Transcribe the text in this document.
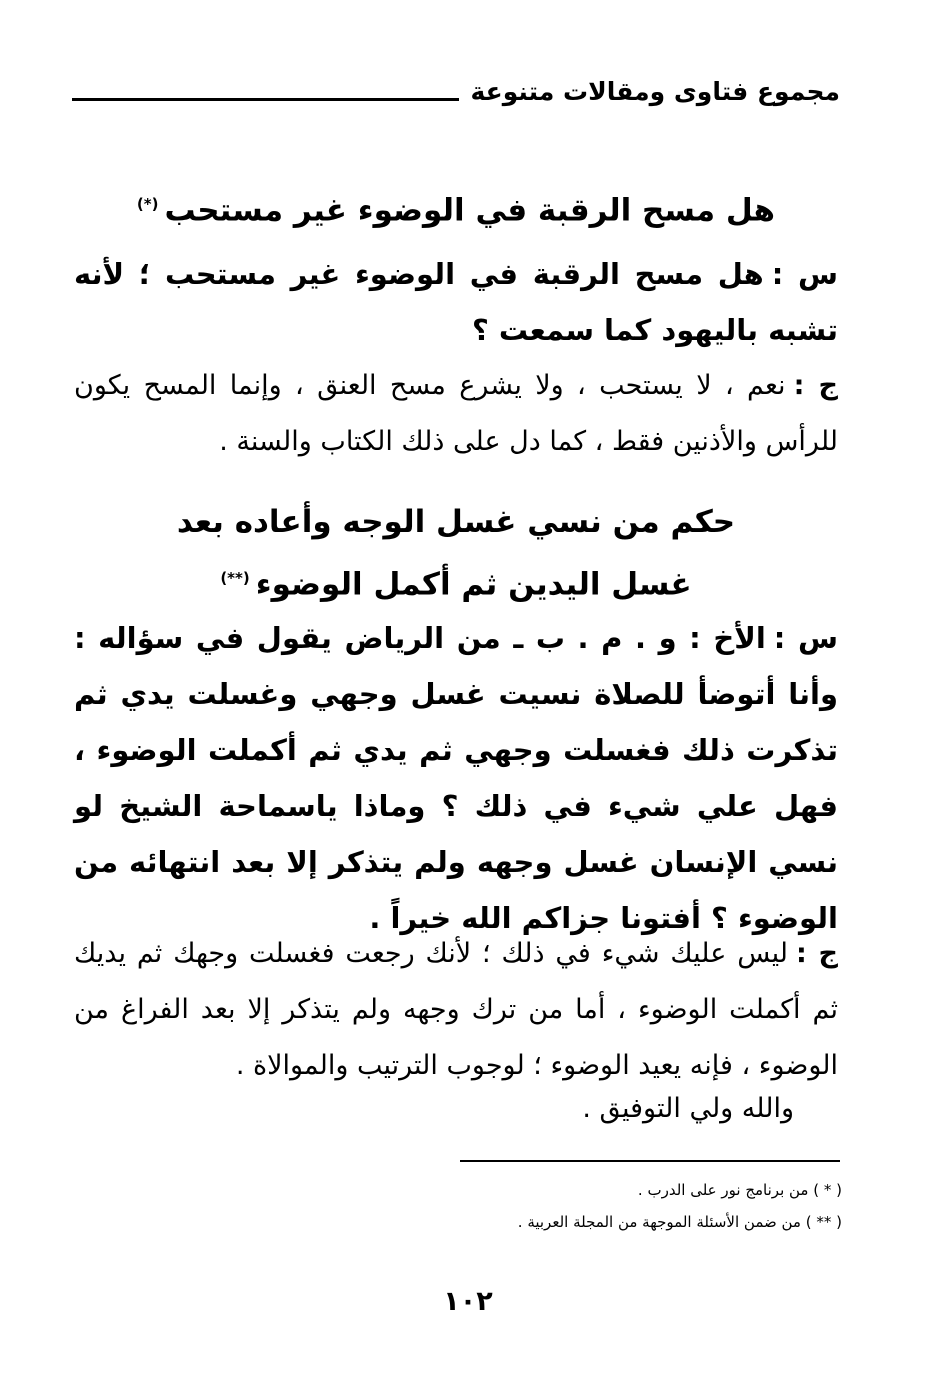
مجموع فتاوى ومقالات متنوعة
هل مسح الرقبة في الوضوء غير مستحب(*)
س :هل مسح الرقبة في الوضوء غير مستحب ؛ لأنه تشبه باليهود كما سمعت ؟
ج :نعم ، لا يستحب ، ولا يشرع مسح العنق ، وإنما المسح يكون للرأس والأذنين فقط ، كما دل على ذلك الكتاب والسنة .
حكم من نسي غسل الوجه وأعاده بعد
غسل اليدين ثم أكمل الوضوء(**)
س :الأخ : و . م . ب ـ من الرياض يقول في سؤاله : وأنا أتوضأ للصلاة نسيت غسل وجهي وغسلت يدي ثم تذكرت ذلك فغسلت وجهي ثم يدي ثم أكملت الوضوء ، فهل علي شيء في ذلك ؟ وماذا ياسماحة الشيخ لو نسي الإنسان غسل وجهه ولم يتذكر إلا بعد انتهائه من الوضوء ؟ أفتونا جزاكم الله خيراً .
ج :ليس عليك شيء في ذلك ؛ لأنك رجعت فغسلت وجهك ثم يديك ثم أكملت الوضوء ، أما من ترك وجهه ولم يتذكر إلا بعد الفراغ من الوضوء ، فإنه يعيد الوضوء ؛ لوجوب الترتيب والموالاة .
والله ولي التوفيق .
( * ) من برنامج نور على الدرب .
( ** ) من ضمن الأسئلة الموجهة من المجلة العربية .
١٠٢
